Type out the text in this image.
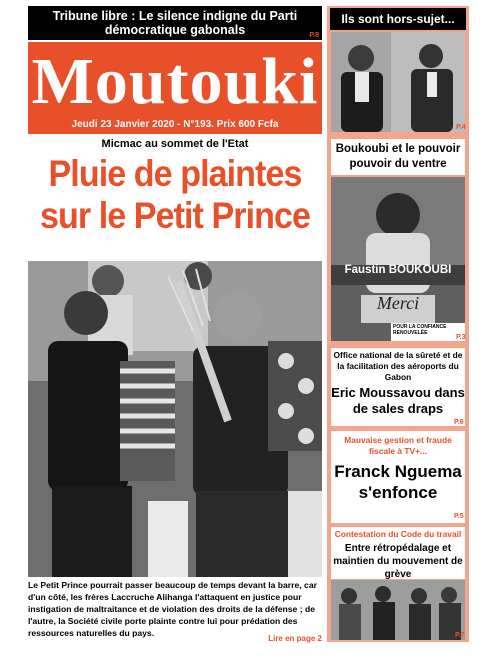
Tribune libre : Le silence indigne du Parti démocratique gabonals	P.8
Moutouki
Jeudi 23 Janvier 2020 - N°193. Prix 600 Fcfa
Micmac au sommet de l'Etat
Pluie de plaintes
sur le Petit Prince
Le Petit Prince pourrait passer beaucoup de temps devant la barre, car d'un côté, les frères Laccruche Alihanga l'attaquent en justice pour instigation de maltraitance et de violation des droits de la défense ; de l'autre, la Société civile porte plainte contre lui pour prédation des ressources naturelles du pays.
Lire en page 2
Ils sont hors-sujet...
P.4
Boukoubi et le pouvoir pouvoir du ventre
Faustin BOUKOUBI
Merci
POUR LA CONFIANCE RENOUVELÉE
P.3
Office national de la sûreté et de la facilitation des aéroports du Gabon
Eric Moussavou dans de sales draps
P.6
Mauvaise gestion et fraude fiscale à TV+...
Franck Nguema s'enfonce
P.5
Contestation du Code du travail
Entre rétropédalage et maintien du mouvement de grève
P.7
